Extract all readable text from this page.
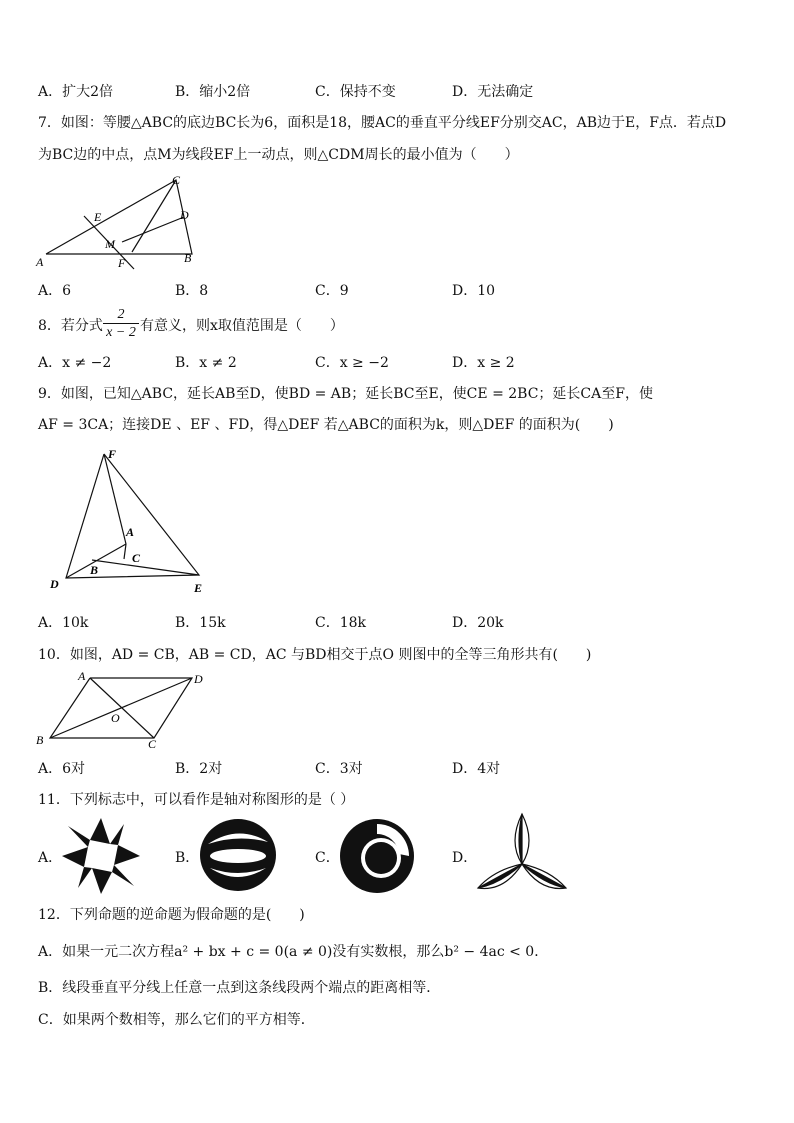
A．扩大2倍	B．缩小2倍	C．保持不变	D．无法确定
7．如图：等腰△ABC的底边BC长为6，面积是18，腰AC的垂直平分线EF分别交AC，AB边于E，F点．若点D
为BC边的中点，点M为线段EF上一动点，则△CDM周长的最小值为（　　）
A
C
B
D
E
F
M
A．6	B．8	C．9	D．10
8．若分式 $\frac{2}{x - 2}$ 有意义，则x取值范围是（　　）
A．x ≠ −2	B．x ≠ 2	C．x ≥ −2	D．x ≥ 2
9．如图，已知△ABC，延长AB至D，使BD = AB；延长BC至E，使CE = 2BC；延长CA至F，使
AF = 3CA；连接DE 、EF 、FD，得△DEF 若△ABC的面积为k，则△DEF 的面积为(　　)
F
A
C
B
D	E
A．10k	B．15k	C．18k	D．20k
10．如图，AD = CB，AB = CD，AC 与BD相交于点O 则图中的全等三角形共有(　　)
A	D
B	C
O
A．6对	B．2对	C．3对	D．4对
11．下列标志中，可以看作是轴对称图形的是（ ）
A．	B．	C．	D．
12．下列命题的逆命题为假命题的是(　　)
A．如果一元二次方程a² + bx + c = 0(a ≠ 0)没有实数根，那么b² − 4ac < 0．
B．线段垂直平分线上任意一点到这条线段两个端点的距离相等．
C．如果两个数相等，那么它们的平方相等．
